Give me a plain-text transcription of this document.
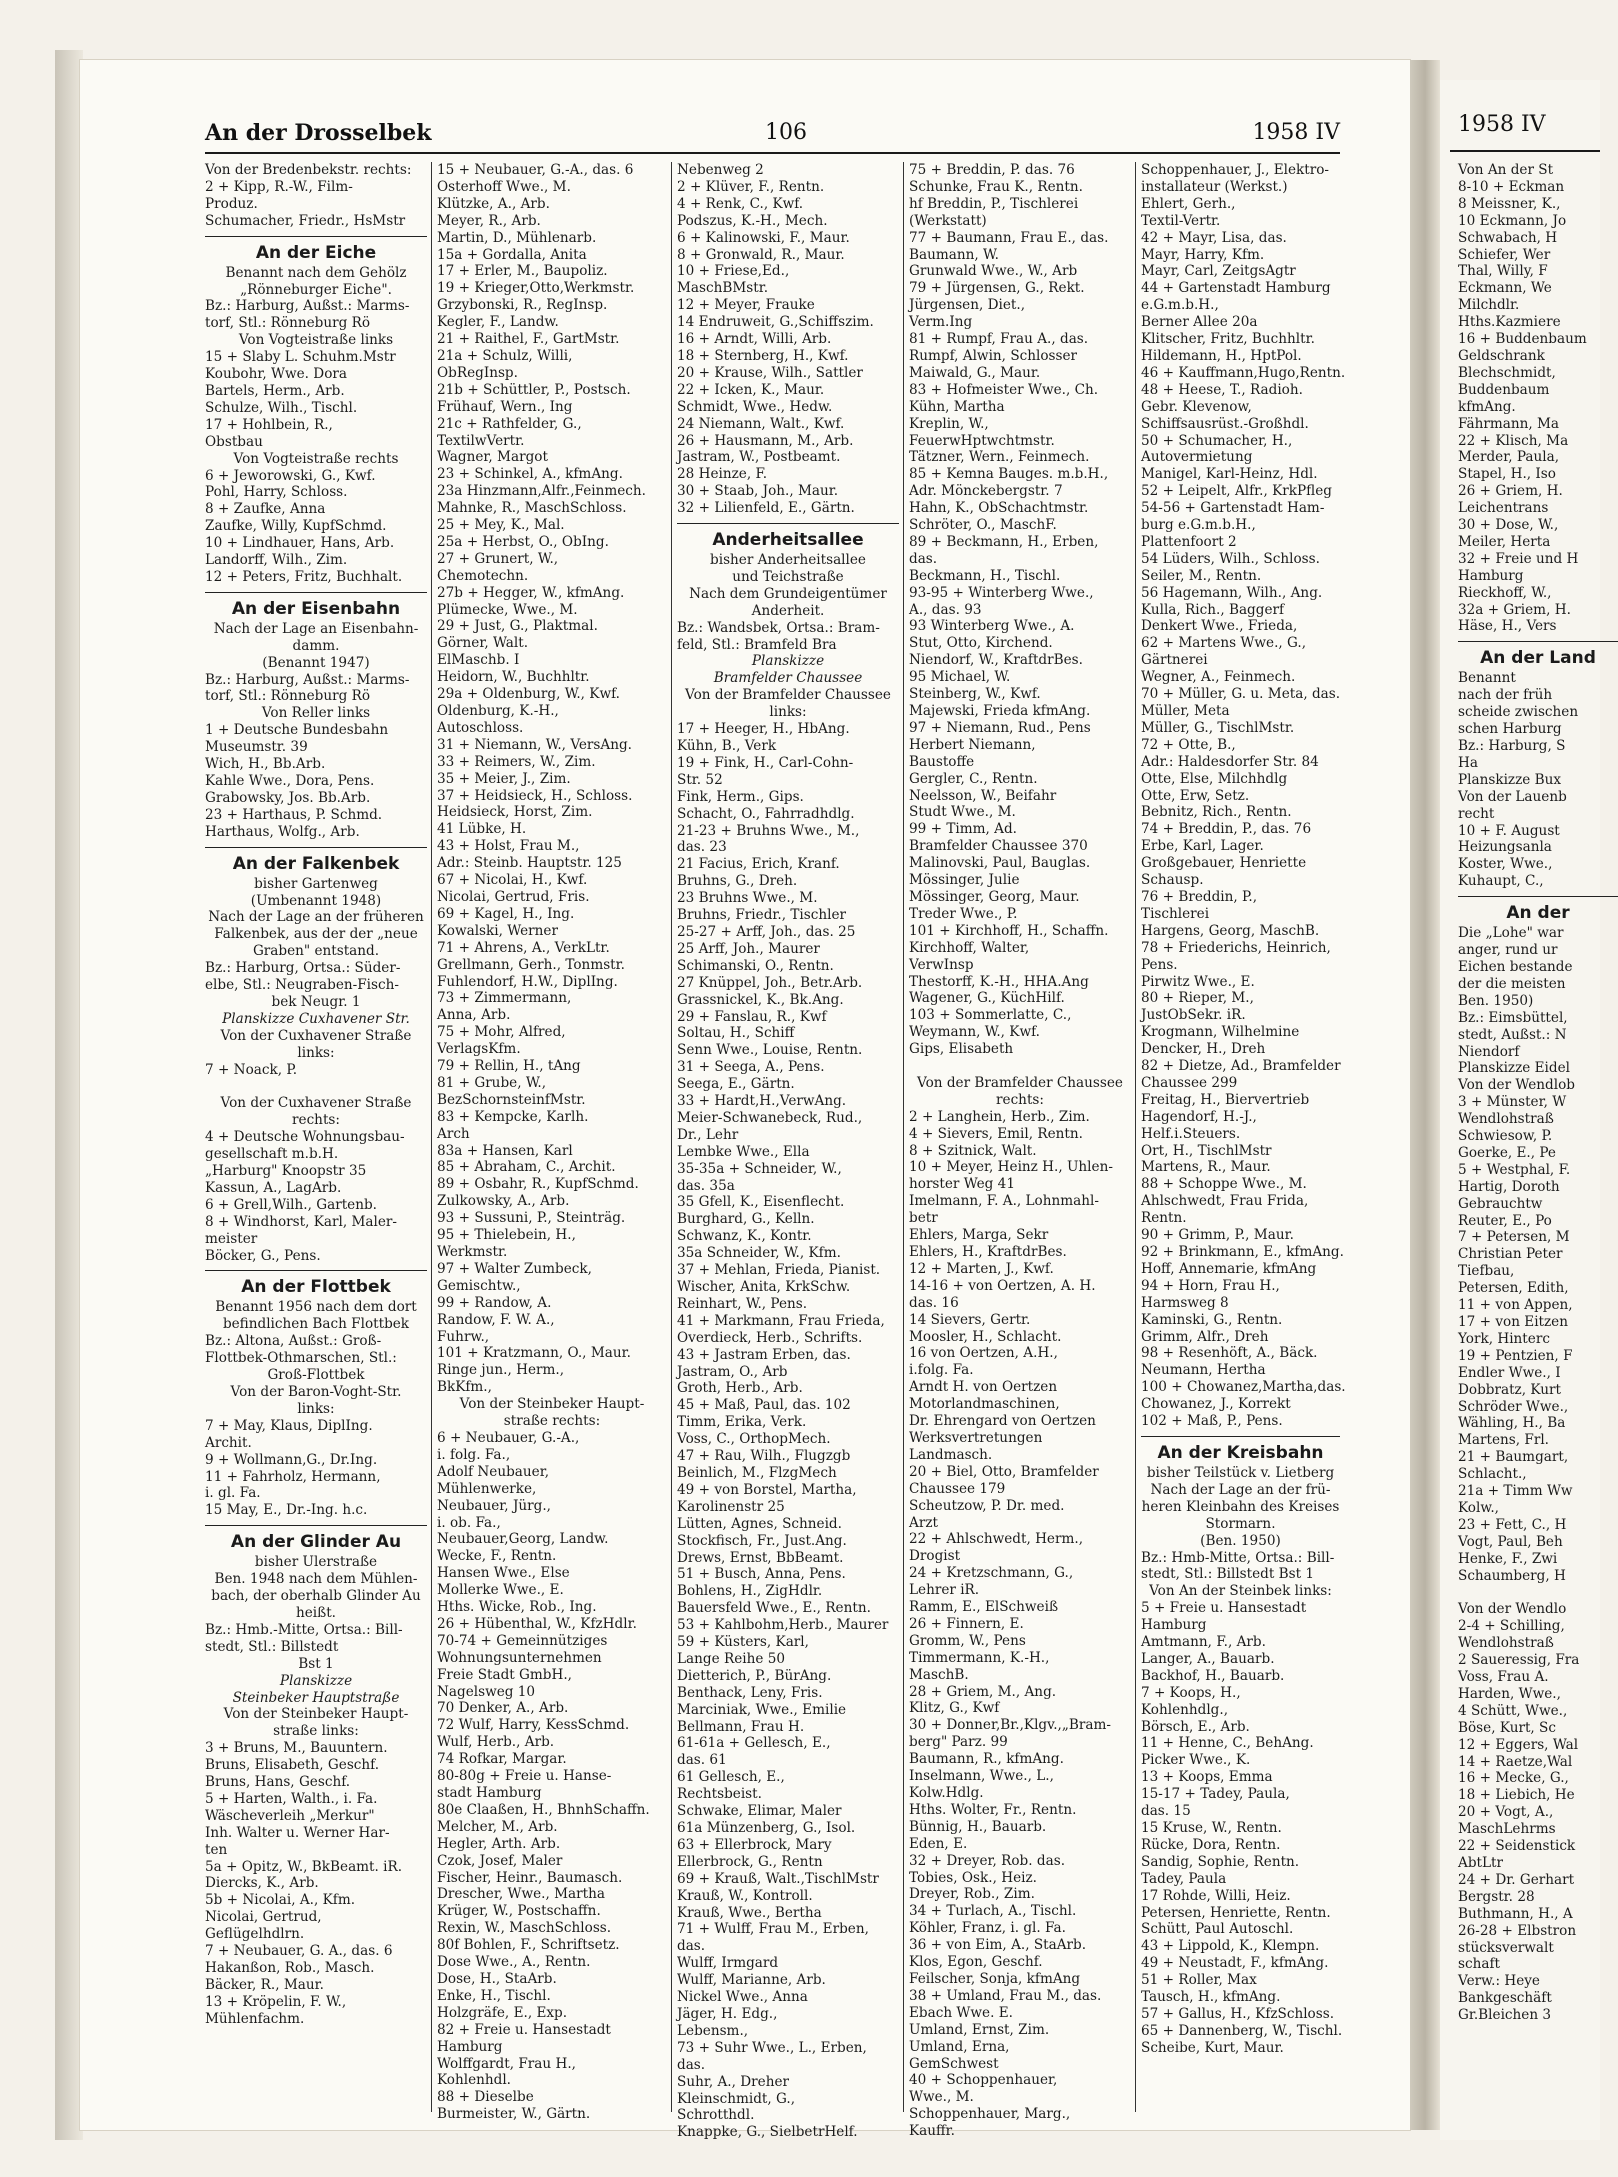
An der Drosselbek	106	1958 IV
Von der Bredenbekstr. rechts:
2 + Kipp, R.-W., Film-
Produz.
Schumacher, Friedr., HsMstr
An der Eiche
Benannt nach dem Gehölz
„Rönneburger Eiche".
Bz.: Harburg, Außst.: Marms-
torf, Stl.: Rönneburg Rö
Von Vogteistraße links
15 + Slaby L. Schuhm.Mstr
Koubohr, Wwe. Dora
Bartels, Herm., Arb.
Schulze, Wilh., Tischl.
17 + Hohlbein, R.,
Obstbau
Von Vogteistraße rechts
6 + Jeworowski, G., Kwf.
Pohl, Harry, Schloss.
8 + Zaufke, Anna
Zaufke, Willy, KupfSchmd.
10 + Lindhauer, Hans, Arb.
Landorff, Wilh., Zim.
12 + Peters, Fritz, Buchhalt.
An der Eisenbahn
Nach der Lage an Eisenbahn-
damm.
(Benannt 1947)
Bz.: Harburg, Außst.: Marms-
torf, Stl.: Rönneburg Rö
Von Reller links
1 + Deutsche Bundesbahn
Museumstr. 39
Wich, H., Bb.Arb.
Kahle Wwe., Dora, Pens.
Grabowsky, Jos. Bb.Arb.
23 + Harthaus, P. Schmd.
Harthaus, Wolfg., Arb.
An der Falkenbek
bisher Gartenweg
(Umbenannt 1948)
Nach der Lage an der früheren
Falkenbek, aus der der „neue
Graben" entstand.
Bz.: Harburg, Ortsa.: Süder-
elbe, Stl.: Neugraben-Fisch-
bek Neugr. 1
Planskizze Cuxhavener Str.
Von der Cuxhavener Straße
links:
7 + Noack, P.

Von der Cuxhavener Straße
rechts:
4 + Deutsche Wohnungsbau-
gesellschaft m.b.H.
„Harburg" Knoopstr 35
Kassun, A., LagArb.
6 + Grell,Wilh., Gartenb.
8 + Windhorst, Karl, Maler-
meister
Böcker, G., Pens.
An der Flottbek
Benannt 1956 nach dem dort
befindlichen Bach Flottbek
Bz.: Altona, Außst.: Groß-
Flottbek-Othmarschen, Stl.:
Groß-Flottbek
Von der Baron-Voght-Str.
links:
7 + May, Klaus, DiplIng.
Archit.
9 + Wollmann,G., Dr.Ing.
11 + Fahrholz, Hermann,
i. gl. Fa.
15 May, E., Dr.-Ing. h.c.
An der Glinder Au
bisher Ulerstraße
Ben. 1948 nach dem Mühlen-
bach, der oberhalb Glinder Au
heißt.
Bz.: Hmb.-Mitte, Ortsa.: Bill-
stedt, Stl.: Billstedt
Bst 1
Planskizze
Steinbeker Hauptstraße
Von der Steinbeker Haupt-
straße links:
3 + Bruns, M., Bauuntern.
Bruns, Elisabeth, Geschf.
Bruns, Hans, Geschf.
5 + Harten, Walth., i. Fa.
Wäscheverleih „Merkur"
Inh. Walter u. Werner Har-
ten
5a + Opitz, W., BkBeamt. iR.
Diercks, K., Arb.
5b + Nicolai, A., Kfm.
Nicolai, Gertrud,
Geflügelhdlrn.
7 + Neubauer, G. A., das. 6
Hakanßon, Rob., Masch.
Bäcker, R., Maur.
13 + Kröpelin, F. W.,
Mühlenfachm.
15 + Neubauer, G.-A., das. 6
Osterhoff Wwe., M.
Klützke, A., Arb.
Meyer, R., Arb.
Martin, D., Mühlenarb.
15a + Gordalla, Anita
17 + Erler, M., Baupoliz.
19 + Krieger,Otto,Werkmstr.
Grzybonski, R., RegInsp.
Kegler, F., Landw.
21 + Raithel, F., GartMstr.
21a + Schulz, Willi,
ObRegInsp.
21b + Schüttler, P., Postsch.
Frühauf, Wern., Ing
21c + Rathfelder, G.,
TextilwVertr.
Wagner, Margot
23 + Schinkel, A., kfmAng.
23a Hinzmann,Alfr.,Feinmech.
Mahnke, R., MaschSchloss.
25 + Mey, K., Mal.
25a + Herbst, O., ObIng.
27 + Grunert, W.,
Chemotechn.
27b + Hegger, W., kfmAng.
Plümecke, Wwe., M.
29 + Just, G., Plaktmal.
Görner, Walt.
ElMaschb. I
Heidorn, W., Buchhltr.
29a + Oldenburg, W., Kwf.
Oldenburg, K.-H.,
Autoschloss.
31 + Niemann, W., VersAng.
33 + Reimers, W., Zim.
35 + Meier, J., Zim.
37 + Heidsieck, H., Schloss.
Heidsieck, Horst, Zim.
41 Lübke, H.
43 + Holst, Frau M.,
Adr.: Steinb. Hauptstr. 125
67 + Nicolai, H., Kwf.
Nicolai, Gertrud, Fris.
69 + Kagel, H., Ing.
Kowalski, Werner
71 + Ahrens, A., VerkLtr.
Grellmann, Gerh., Tonmstr.
Fuhlendorf, H.W., DiplIng.
73 + Zimmermann,
Anna, Arb.
75 + Mohr, Alfred,
VerlagsKfm.
79 + Rellin, H., tAng
81 + Grube, W.,
BezSchornsteinfMstr.
83 + Kempcke, Karlh.
Arch
83a + Hansen, Karl
85 + Abraham, C., Archit.
89 + Osbahr, R., KupfSchmd.
Zulkowsky, A., Arb.
93 + Sussuni, P., Steinträg.
95 + Thielebein, H.,
Werkmstr.
97 + Walter Zumbeck,
Gemischtw.,
99 + Randow, A.
Randow, F. W. A.,
Fuhrw.,
101 + Kratzmann, O., Maur.
Ringe jun., Herm.,
BkKfm.,
Von der Steinbeker Haupt-
straße rechts:
6 + Neubauer, G.-A.,
i. folg. Fa.,
Adolf Neubauer,
Mühlenwerke,
Neubauer, Jürg.,
i. ob. Fa.,
Neubauer,Georg, Landw.
Wecke, F., Rentn.
Hansen Wwe., Else
Mollerke Wwe., E.
Hths. Wicke, Rob., Ing.
26 + Hübenthal, W., KfzHdlr.
70-74 + Gemeinnütziges
Wohnungsunternehmen
Freie Stadt GmbH.,
Nagelsweg 10
70 Denker, A., Arb.
72 Wulf, Harry, KessSchmd.
Wulf, Herb., Arb.
74 Rofkar, Margar.
80-80g + Freie u. Hanse-
stadt Hamburg
80e Claaßen, H., BhnhSchaffn.
Melcher, M., Arb.
Hegler, Arth. Arb.
Czok, Josef, Maler
Fischer, Heinr., Baumasch.
Drescher, Wwe., Martha
Krüger, W., Postschaffn.
Rexin, W., MaschSchloss.
80f Bohlen, F., Schriftsetz.
Dose Wwe., A., Rentn.
Dose, H., StaArb.
Enke, H., Tischl.
Holzgräfe, E., Exp.
82 + Freie u. Hansestadt
Hamburg
Wolffgardt, Frau H.,
Kohlenhdl.
88 + Dieselbe
Burmeister, W., Gärtn.
Nebenweg 2
2 + Klüver, F., Rentn.
4 + Renk, C., Kwf.
Podszus, K.-H., Mech.
6 + Kalinowski, F., Maur.
8 + Gronwald, R., Maur.
10 + Friese,Ed.,
MaschBMstr.
12 + Meyer, Frauke
14 Endruweit, G.,Schiffszim.
16 + Arndt, Willi, Arb.
18 + Sternberg, H., Kwf.
20 + Krause, Wilh., Sattler
22 + Icken, K., Maur.
Schmidt, Wwe., Hedw.
24 Niemann, Walt., Kwf.
26 + Hausmann, M., Arb.
Jastram, W., Postbeamt.
28 Heinze, F.
30 + Staab, Joh., Maur.
32 + Lilienfeld, E., Gärtn.
Anderheitsallee
bisher Anderheitsallee
und Teichstraße
Nach dem Grundeigentümer
Anderheit.
Bz.: Wandsbek, Ortsa.: Bram-
feld, Stl.: Bramfeld Bra
Planskizze
Bramfelder Chaussee
Von der Bramfelder Chaussee
links:
17 + Heeger, H., HbAng.
Kühn, B., Verk
19 + Fink, H., Carl-Cohn-
Str. 52
Fink, Herm., Gips.
Schacht, O., Fahrradhdlg.
21-23 + Bruhns Wwe., M.,
das. 23
21 Facius, Erich, Kranf.
Bruhns, G., Dreh.
23 Bruhns Wwe., M.
Bruhns, Friedr., Tischler
25-27 + Arff, Joh., das. 25
25 Arff, Joh., Maurer
Schimanski, O., Rentn.
27 Knüppel, Joh., Betr.Arb.
Grassnickel, K., Bk.Ang.
29 + Fanslau, R., Kwf
Soltau, H., Schiff
Senn Wwe., Louise, Rentn.
31 + Seega, A., Pens.
Seega, E., Gärtn.
33 + Hardt,H.,VerwAng.
Meier-Schwanebeck, Rud.,
Dr., Lehr
Lembke Wwe., Ella
35-35a + Schneider, W.,
das. 35a
35 Gfell, K., Eisenflecht.
Burghard, G., Kelln.
Schwanz, K., Kontr.
35a Schneider, W., Kfm.
37 + Mehlan, Frieda, Pianist.
Wischer, Anita, KrkSchw.
Reinhart, W., Pens.
41 + Markmann, Frau Frieda,
Overdieck, Herb., Schrifts.
43 + Jastram Erben, das.
Jastram, O., Arb
Groth, Herb., Arb.
45 + Maß, Paul, das. 102
Timm, Erika, Verk.
Voss, C., OrthopMech.
47 + Rau, Wilh., Flugzgb
Beinlich, M., FlzgMech
49 + von Borstel, Martha,
Karolinenstr 25
Lütten, Agnes, Schneid.
Stockfisch, Fr., Just.Ang.
Drews, Ernst, BbBeamt.
51 + Busch, Anna, Pens.
Bohlens, H., ZigHdlr.
Bauersfeld Wwe., E., Rentn.
53 + Kahlbohm,Herb., Maurer
59 + Küsters, Karl,
Lange Reihe 50
Dietterich, P., BürAng.
Benthack, Leny, Fris.
Marciniak, Wwe., Emilie
Bellmann, Frau H.
61-61a + Gellesch, E.,
das. 61
61 Gellesch, E.,
Rechtsbeist.
Schwake, Elimar, Maler
61a Münzenberg, G., Isol.
63 + Ellerbrock, Mary
Ellerbrock, G., Rentn
69 + Krauß, Walt.,TischlMstr
Krauß, W., Kontroll.
Krauß, Wwe., Bertha
71 + Wulff, Frau M., Erben,
das.
Wulff, Irmgard
Wulff, Marianne, Arb.
Nickel Wwe., Anna
Jäger, H. Edg.,
Lebensm.,
73 + Suhr Wwe., L., Erben,
das.
Suhr, A., Dreher
Kleinschmidt, G.,
Schrotthdl.
Knappke, G., SielbetrHelf.
75 + Breddin, P. das. 76
Schunke, Frau K., Rentn.
hf Breddin, P., Tischlerei
(Werkstatt)
77 + Baumann, Frau E., das.
Baumann, W.
Grunwald Wwe., W., Arb
79 + Jürgensen, G., Rekt.
Jürgensen, Diet.,
Verm.Ing
81 + Rumpf, Frau A., das.
Rumpf, Alwin, Schlosser
Maiwald, G., Maur.
83 + Hofmeister Wwe., Ch.
Kühn, Martha
Kreplin, W.,
FeuerwHptwchtmstr.
Tätzner, Wern., Feinmech.
85 + Kemna Bauges. m.b.H.,
Adr. Mönckebergstr. 7
Hahn, K., ObSchachtmstr.
Schröter, O., MaschF.
89 + Beckmann, H., Erben,
das.
Beckmann, H., Tischl.
93-95 + Winterberg Wwe.,
A., das. 93
93 Winterberg Wwe., A.
Stut, Otto, Kirchend.
Niendorf, W., KraftdrBes.
95 Michael, W.
Steinberg, W., Kwf.
Majewski, Frieda kfmAng.
97 + Niemann, Rud., Pens
Herbert Niemann,
Baustoffe
Gergler, C., Rentn.
Neelsson, W., Beifahr
Studt Wwe., M.
99 + Timm, Ad.
Bramfelder Chaussee 370
Malinovski, Paul, Bauglas.
Mössinger, Julie
Mössinger, Georg, Maur.
Treder Wwe., P.
101 + Kirchhoff, H., Schaffn.
Kirchhoff, Walter,
VerwInsp
Thestorff, K.-H., HHA.Ang
Wagener, G., KüchHilf.
103 + Sommerlatte, C.,
Weymann, W., Kwf.
Gips, Elisabeth

Von der Bramfelder Chaussee
rechts:
2 + Langhein, Herb., Zim.
4 + Sievers, Emil, Rentn.
8 + Szitnick, Walt.
10 + Meyer, Heinz H., Uhlen-
horster Weg 41
Imelmann, F. A., Lohnmahl-
betr
Ehlers, Marga, Sekr
Ehlers, H., KraftdrBes.
12 + Marten, J., Kwf.
14-16 + von Oertzen, A. H.
das. 16
14 Sievers, Gertr.
Moosler, H., Schlacht.
16 von Oertzen, A.H.,
i.folg. Fa.
Arndt H. von Oertzen
Motorlandmaschinen,
Dr. Ehrengard von Oertzen
Werksvertretungen
Landmasch.
20 + Biel, Otto, Bramfelder
Chaussee 179
Scheutzow, P. Dr. med.
Arzt
22 + Ahlschwedt, Herm.,
Drogist
24 + Kretzschmann, G.,
Lehrer iR.
Ramm, E., ElSchweiß
26 + Finnern, E.
Gromm, W., Pens
Timmermann, K.-H.,
MaschB.
28 + Griem, M., Ang.
Klitz, G., Kwf
30 + Donner,Br.,Klgv.,„Bram-
berg" Parz. 99
Baumann, R., kfmAng.
Inselmann, Wwe., L.,
Kolw.Hdlg.
Hths. Wolter, Fr., Rentn.
Bünnig, H., Bauarb.
Eden, E.
32 + Dreyer, Rob. das.
Tobies, Osk., Heiz.
Dreyer, Rob., Zim.
34 + Turlach, A., Tischl.
Köhler, Franz, i. gl. Fa.
36 + von Eim, A., StaArb.
Klos, Egon, Geschf.
Feilscher, Sonja, kfmAng
38 + Umland, Frau M., das.
Ebach Wwe. E.
Umland, Ernst, Zim.
Umland, Erna,
GemSchwest
40 + Schoppenhauer,
Wwe., M.
Schoppenhauer, Marg.,
Kauffr.
Schoppenhauer, J., Elektro-
installateur (Werkst.)
Ehlert, Gerh.,
Textil-Vertr.
42 + Mayr, Lisa, das.
Mayr, Harry, Kfm.
Mayr, Carl, ZeitgsAgtr
44 + Gartenstadt Hamburg
e.G.m.b.H.,
Berner Allee 20a
Klitscher, Fritz, Buchhltr.
Hildemann, H., HptPol.
46 + Kauffmann,Hugo,Rentn.
48 + Heese, T., Radioh.
Gebr. Klevenow,
Schiffsausrüst.-Großhdl.
50 + Schumacher, H.,
Autovermietung
Manigel, Karl-Heinz, Hdl.
52 + Leipelt, Alfr., KrkPfleg
54-56 + Gartenstadt Ham-
burg e.G.m.b.H.,
Plattenfoort 2
54 Lüders, Wilh., Schloss.
Seiler, M., Rentn.
56 Hagemann, Wilh., Ang.
Kulla, Rich., Baggerf
Denkert Wwe., Frieda,
62 + Martens Wwe., G.,
Gärtnerei
Wegner, A., Feinmech.
70 + Müller, G. u. Meta, das.
Müller, Meta
Müller, G., TischlMstr.
72 + Otte, B.,
Adr.: Haldesdorfer Str. 84
Otte, Else, Milchhdlg
Otte, Erw, Setz.
Bebnitz, Rich., Rentn.
74 + Breddin, P., das. 76
Erbe, Karl, Lager.
Großgebauer, Henriette
Schausp.
76 + Breddin, P.,
Tischlerei
Hargens, Georg, MaschB.
78 + Friederichs, Heinrich,
Pens.
Pirwitz Wwe., E.
80 + Rieper, M.,
JustObSekr. iR.
Krogmann, Wilhelmine
Dencker, H., Dreh
82 + Dietze, Ad., Bramfelder
Chaussee 299
Freitag, H., Biervertrieb
Hagendorf, H.-J.,
Helf.i.Steuers.
Ort, H., TischlMstr
Martens, R., Maur.
88 + Schoppe Wwe., M.
Ahlschwedt, Frau Frida,
Rentn.
90 + Grimm, P., Maur.
92 + Brinkmann, E., kfmAng.
Hoff, Annemarie, kfmAng
94 + Horn, Frau H.,
Harmsweg 8
Kaminski, G., Rentn.
Grimm, Alfr., Dreh
98 + Resenhöft, A., Bäck.
Neumann, Hertha
100 + Chowanez,Martha,das.
Chowanez, J., Korrekt
102 + Maß, P., Pens.
An der Kreisbahn
bisher Teilstück v. Lietberg
Nach der Lage an der frü-
heren Kleinbahn des Kreises
Stormarn.
(Ben. 1950)
Bz.: Hmb-Mitte, Ortsa.: Bill-
stedt, Stl.: Billstedt Bst 1
Von An der Steinbek links:
5 + Freie u. Hansestadt
Hamburg
Amtmann, F., Arb.
Langer, A., Bauarb.
Backhof, H., Bauarb.
7 + Koops, H.,
Kohlenhdlg.,
Börsch, E., Arb.
11 + Henne, C., BehAng.
Picker Wwe., K.
13 + Koops, Emma
15-17 + Tadey, Paula,
das. 15
15 Kruse, W., Rentn.
Rücke, Dora, Rentn.
Sandig, Sophie, Rentn.
Tadey, Paula
17 Rohde, Willi, Heiz.
Petersen, Henriette, Rentn.
Schütt, Paul Autoschl.
43 + Lippold, K., Klempn.
49 + Neustadt, F., kfmAng.
51 + Roller, Max
Tausch, H., kfmAng.
57 + Gallus, H., KfzSchloss.
65 + Dannenberg, W., Tischl.
Scheibe, Kurt, Maur.
1958 IV
Von An der St
8-10 + Eckman
8 Meissner, K.,
10 Eckmann, Jo
Schwabach, H
Schiefer, Wer
Thal, Willy, F
Eckmann, We
Milchdlr.
Hths.Kazmiere
16 + Buddenbaum
Geldschrank
Blechschmidt,
Buddenbaum
kfmAng.
Fährmann, Ma
22 + Klisch, Ma
Merder, Paula,
Stapel, H., Iso
26 + Griem, H.
Leichentrans
30 + Dose, W.,
Meiler, Herta
32 + Freie und H
Hamburg
Rieckhoff, W.,
32a + Griem, H.
Häse, H., Vers
An der Land
Benannt
nach der früh
scheide zwischen
schen Harburg
Bz.: Harburg, S
Ha
Planskizze Bux
Von der Lauenb
recht
10 + F. August
Heizungsanla
Koster, Wwe.,
Kuhaupt, C.,
An der
Die „Lohe" war
anger, rund ur
Eichen bestande
der die meisten
Ben. 1950)
Bz.: Eimsbüttel,
stedt, Außst.: N
Niendorf
Planskizze Eidel
Von der Wendlob
3 + Münster, W
Wendlohstraß
Schwiesow, P.
Goerke, E., Pe
5 + Westphal, F.
Hartig, Doroth
Gebrauchtw
Reuter, E., Po
7 + Petersen, M
Christian Peter
Tiefbau,
Petersen, Edith,
11 + von Appen,
17 + von Eitzen
York, Hinterc
19 + Pentzien, F
Endler Wwe., I
Dobbratz, Kurt
Schröder Wwe.,
Wähling, H., Ba
Martens, Frl.
21 + Baumgart,
Schlacht.,
21a + Timm Ww
Kolw.,
23 + Fett, C., H
Vogt, Paul, Beh
Henke, F., Zwi
Schaumberg, H

Von der Wendlo
2-4 + Schilling,
Wendlohstraß
2 Saueressig, Fra
Voss, Frau A.
Harden, Wwe.,
4 Schütt, Wwe.,
Böse, Kurt, Sc
12 + Eggers, Wal
14 + Raetze,Wal
16 + Mecke, G.,
18 + Liebich, He
20 + Vogt, A.,
MaschLehrms
22 + Seidenstick
AbtLtr
24 + Dr. Gerhart
Bergstr. 28
Buthmann, H., A
26-28 + Elbstron
stücksverwalt
schaft
Verw.: Heye
Bankgeschäft
Gr.Bleichen 3
